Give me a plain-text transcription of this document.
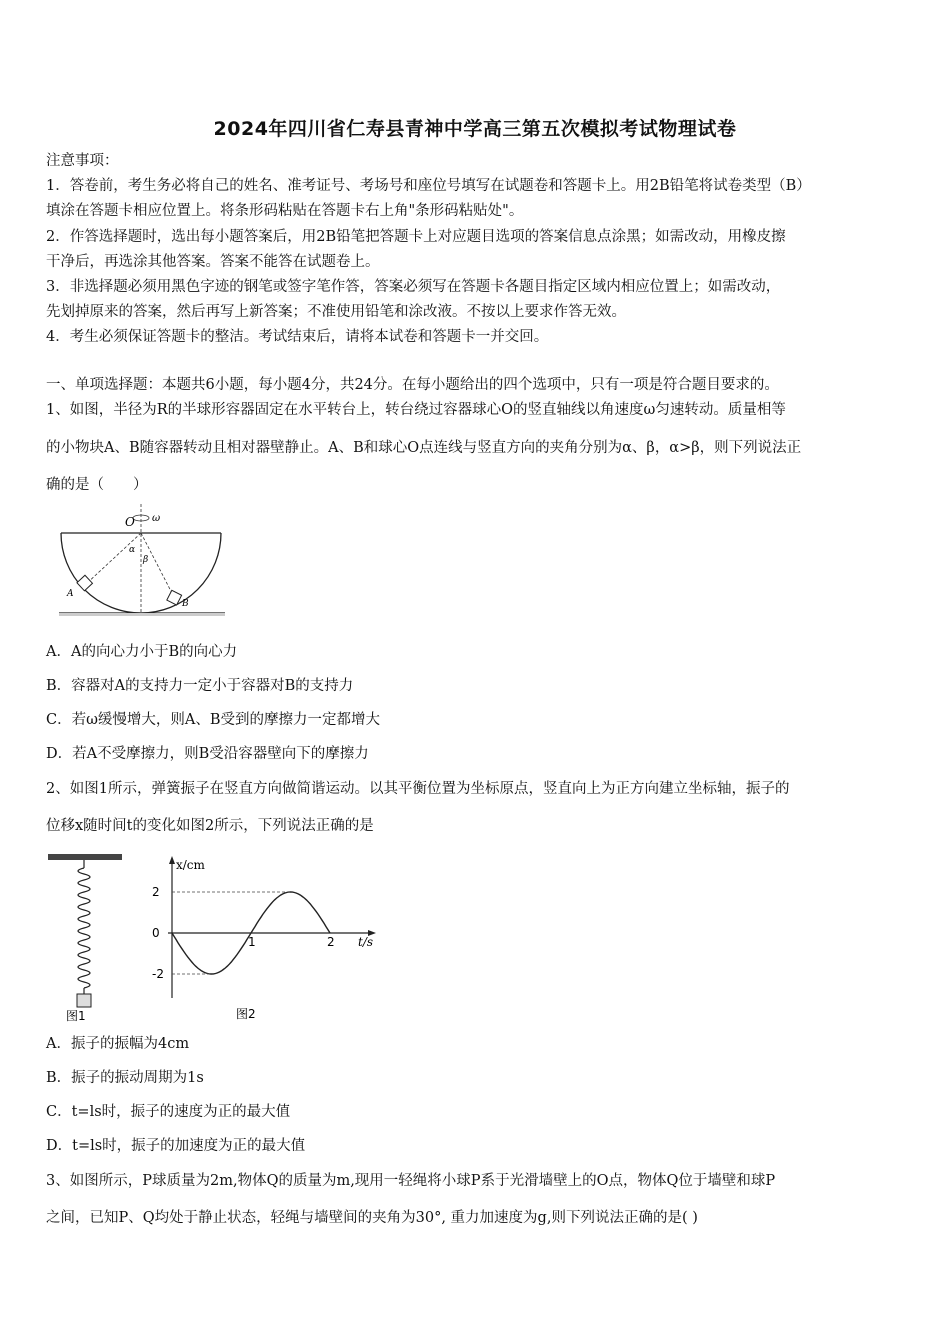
2024年四川省仁寿县青神中学高三第五次模拟考试物理试卷
注意事项：
1．答卷前，考生务必将自己的姓名、准考证号、考场号和座位号填写在试题卷和答题卡上。用2B铅笔将试卷类型（B）
填涂在答题卡相应位置上。将条形码粘贴在答题卡右上角"条形码粘贴处"。
2．作答选择题时，选出每小题答案后，用2B铅笔把答题卡上对应题目选项的答案信息点涂黑；如需改动，用橡皮擦
干净后，再选涂其他答案。答案不能答在试题卷上。
3．非选择题必须用黑色字迹的钢笔或签字笔作答，答案必须写在答题卡各题目指定区域内相应位置上；如需改动，
先划掉原来的答案，然后再写上新答案；不准使用铅笔和涂改液。不按以上要求作答无效。
4．考生必须保证答题卡的整洁。考试结束后，请将本试卷和答题卡一并交回。
一、单项选择题：本题共6小题，每小题4分，共24分。在每小题给出的四个选项中，只有一项是符合题目要求的。
1、如图，半径为R的半球形容器固定在水平转台上，转台绕过容器球心O的竖直轴线以角速度ω匀速转动。质量相等
的小物块A、B随容器转动且相对器壁静止。A、B和球心O点连线与竖直方向的夹角分别为α、β，α>β，则下列说法正
确的是（　　）
O ω
α
β
A
B
A．A的向心力小于B的向心力
B．容器对A的支持力一定小于容器对B的支持力
C．若ω缓慢增大，则A、B受到的摩擦力一定都增大
D．若A不受摩擦力，则B受沿容器壁向下的摩擦力
2、如图1所示，弹簧振子在竖直方向做简谐运动。以其平衡位置为坐标原点，竖直向上为正方向建立坐标轴，振子的
位移x随时间t的变化如图2所示，下列说法正确的是
图1
x/cm
t/s
图2
2
0
-2
1	2
A．振子的振幅为4cm
B．振子的振动周期为1s
C．t=ls时，振子的速度为正的最大值
D．t=ls时，振子的加速度为正的最大值
3、如图所示，P球质量为2m,物体Q的质量为m,现用一轻绳将小球P系于光滑墙壁上的O点，物体Q位于墙壁和球P
之间，已知P、Q均处于静止状态，轻绳与墙壁间的夹角为30°, 重力加速度为g,则下列说法正确的是( )
